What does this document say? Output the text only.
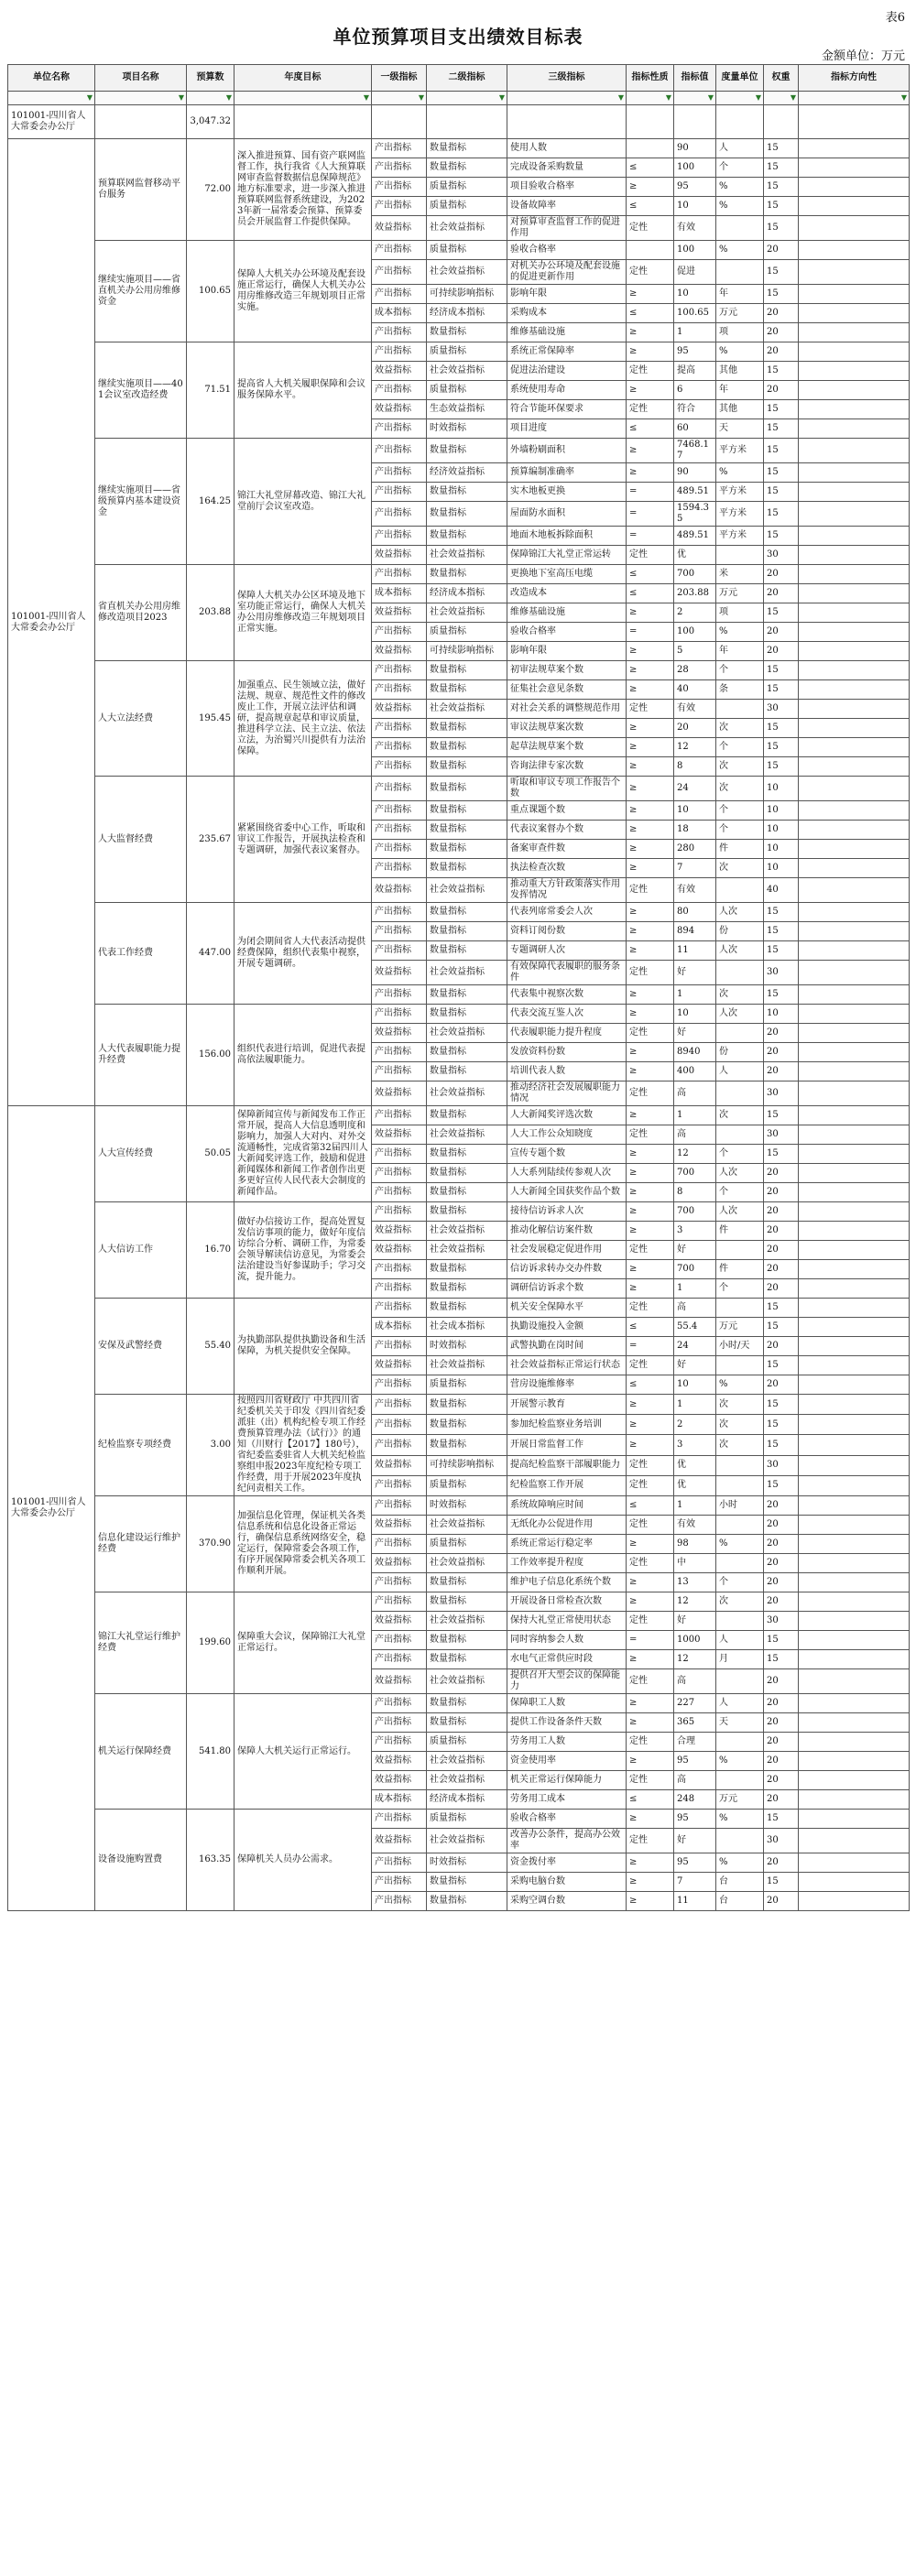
表6
单位预算项目支出绩效目标表
金额单位：万元
单位名称	项目名称	预算数	年度目标	一级指标	二级指标	三级指标	指标性质	指标值	度量单位	权重	指标方向性
▼	▼	▼	▼	▼	▼	▼	▼	▼	▼	▼	▼
101001-四川省人大常委会办公厅		3,047.32									
101001-四川省人大常委会办公厅	预算联网监督移动平台服务	72.00	深入推进预算、国有资产联网监督工作，执行我省《人大预算联网审查监督数据信息保障规范》地方标准要求，进一步深入推进预算联网监督系统建设，为2023年新一届常委会预算、预算委员会开展监督工作提供保障。	产出指标	数量指标	使用人数		90	人	15	
				产出指标	数量指标	完成设备采购数量	≤	100	个	15	
				产出指标	质量指标	项目验收合格率	≥	95	%	15	
				产出指标	质量指标	设备故障率	≤	10	%	15	
				效益指标	社会效益指标	对预算审查监督工作的促进作用	定性	有效		15	
	继续实施项目——省直机关办公用房维修资金	100.65	保障人大机关办公环境及配套设施正常运行，确保人大机关办公用房维修改造三年规划项目正常实施。	产出指标	质量指标	验收合格率		100	%	20	
				产出指标	社会效益指标	对机关办公环境及配套设施的促进更新作用	定性	促进		15	
				产出指标	可持续影响指标	影响年限	≥	10	年	15	
				成本指标	经济成本指标	采购成本	≤	100.65	万元	20	
				产出指标	数量指标	维修基础设施	≥	1	项	20	
	继续实施项目——401会议室改造经费	71.51	提高省人大机关履职保障和会议服务保障水平。	产出指标	质量指标	系统正常保障率	≥	95	%	20	
				效益指标	社会效益指标	促进法治建设	定性	提高	其他	15	
				产出指标	质量指标	系统使用寿命	≥	6	年	20	
				效益指标	生态效益指标	符合节能环保要求	定性	符合	其他	15	
				产出指标	时效指标	项目进度	≤	60	天	15	
	继续实施项目——省级预算内基本建设资金	164.25	锦江大礼堂屏幕改造、锦江大礼堂前厅会议室改造。	产出指标	数量指标	外墙粉刷面积	≥	7468.17	平方米	15	
				产出指标	经济效益指标	预算编制准确率	≥	90	%	15	
				产出指标	数量指标	实木地板更换	=	489.51	平方米	15	
				产出指标	数量指标	屋面防水面积	=	1594.35	平方米	15	
				产出指标	数量指标	地面木地板拆除面积	=	489.51	平方米	15	
				效益指标	社会效益指标	保障锦江大礼堂正常运转	定性	优		30	
	省直机关办公用房维修改造项目2023	203.88	保障人大机关办公区环境及地下室功能正常运行，确保人大机关办公用房维修改造三年规划项目正常实施。	产出指标	数量指标	更换地下室高压电缆	≤	700	米	20	
				成本指标	经济成本指标	改造成本	≤	203.88	万元	20	
				效益指标	社会效益指标	维修基础设施	≥	2	项	15	
				产出指标	质量指标	验收合格率	=	100	%	20	
				效益指标	可持续影响指标	影响年限	≥	5	年	20	
	人大立法经费	195.45	加强重点、民生领域立法，做好法规、规章、规范性文件的修改废止工作，开展立法评估和调研，提高规章起草和审议质量，推进科学立法、民主立法、依法立法，为治蜀兴川提供有力法治保障。	产出指标	数量指标	初审法规草案个数	≥	28	个	15	
				产出指标	数量指标	征集社会意见条数	≥	40	条	15	
				效益指标	社会效益指标	对社会关系的调整规范作用	定性	有效		30	
				产出指标	数量指标	审议法规草案次数	≥	20	次	15	
				产出指标	数量指标	起草法规草案个数	≥	12	个	15	
				产出指标	数量指标	咨询法律专家次数	≥	8	次	15	
	人大监督经费	235.67	紧紧围绕省委中心工作，听取和审议工作报告，开展执法检查和专题调研，加强代表议案督办。	产出指标	数量指标	听取和审议专项工作报告个数	≥	24	次	10	
				产出指标	数量指标	重点课题个数	≥	10	个	10	
				产出指标	数量指标	代表议案督办个数	≥	18	个	10	
				产出指标	数量指标	备案审查件数	≥	280	件	10	
				产出指标	数量指标	执法检查次数	≥	7	次	10	
				效益指标	社会效益指标	推动重大方针政策落实作用发挥情况	定性	有效		40	
	代表工作经费	447.00	为闭会期间省人大代表活动提供经费保障，组织代表集中视察，开展专题调研。	产出指标	数量指标	代表列席常委会人次	≥	80	人次	15	
				产出指标	数量指标	资料订阅份数	≥	894	份	15	
				产出指标	数量指标	专题调研人次	≥	11	人次	15	
				效益指标	社会效益指标	有效保障代表履职的服务条件	定性	好		30	
				产出指标	数量指标	代表集中视察次数	≥	1	次	15	
	人大代表履职能力提升经费	156.00	组织代表进行培训，促进代表提高依法履职能力。	产出指标	数量指标	代表交流互鉴人次	≥	10	人次	10	
				效益指标	社会效益指标	代表履职能力提升程度	定性	好		20	
				产出指标	数量指标	发放资料份数	≥	8940	份	20	
				产出指标	数量指标	培训代表人数	≥	400	人	20	
				效益指标	社会效益指标	推动经济社会发展履职能力情况	定性	高		30	
101001-四川省人大常委会办公厅	人大宣传经费	50.05	保障新闻宣传与新闻发布工作正常开展，提高人大信息透明度和影响力，加强人大对内、对外交流通畅性，完成省第32届四川人大新闻奖评选工作，鼓励和促进新闻媒体和新闻工作者创作出更多更好宣传人民代表大会制度的新闻作品。	产出指标	数量指标	人大新闻奖评选次数	≥	1	次	15	
				效益指标	社会效益指标	人大工作公众知晓度	定性	高		30	
				产出指标	数量指标	宣传专题个数	≥	12	个	15	
				产出指标	数量指标	人大系列陆续传参观人次	≥	700	人次	20	
				产出指标	数量指标	人大新闻全国获奖作品个数	≥	8	个	20	
	人大信访工作	16.70	做好办信接访工作，提高处置复发信访事项的能力，做好年度信访综合分析、调研工作，为常委会领导解读信访意见，为常委会法治建设当好参谋助手；学习交流，提升能力。	产出指标	数量指标	接待信访诉求人次	≥	700	人次	20	
				效益指标	社会效益指标	推动化解信访案件数	≥	3	件	20	
				效益指标	社会效益指标	社会发展稳定促进作用	定性	好		20	
				产出指标	数量指标	信访诉求转办交办件数	≥	700	件	20	
				产出指标	数量指标	调研信访诉求个数	≥	1	个	20	
	安保及武警经费	55.40	为执勤部队提供执勤设备和生活保障，为机关提供安全保障。	产出指标	数量指标	机关安全保障水平	定性	高		15	
				成本指标	社会成本指标	执勤设施投入金额	≤	55.4	万元	15	
				产出指标	时效指标	武警执勤在岗时间	=	24	小时/天	20	
				效益指标	社会效益指标	社会效益指标正常运行状态	定性	好		15	
				产出指标	质量指标	营房设施维修率	≤	10	%	20	
	纪检监察专项经费	3.00	按照四川省财政厅 中共四川省纪委机关关于印发《四川省纪委派驻（出）机构纪检专项工作经费预算管理办法（试行）》的通知（川财行【2017】180号），省纪委监委驻省人大机关纪检监察组申报2023年度纪检专项工作经费，用于开展2023年度执纪问责相关工作。	产出指标	数量指标	开展警示教育	≥	1	次	15	
				产出指标	数量指标	参加纪检监察业务培训	≥	2	次	15	
				产出指标	数量指标	开展日常监督工作	≥	3	次	15	
				效益指标	可持续影响指标	提高纪检监察干部履职能力	定性	优		30	
				产出指标	质量指标	纪检监察工作开展	定性	优		15	
	信息化建设运行维护经费	370.90	加强信息化管理，保证机关各类信息系统和信息化设备正常运行，确保信息系统网络安全，稳定运行，保障常委会各项工作，有序开展保障常委会机关各项工作顺利开展。	产出指标	时效指标	系统故障响应时间	≤	1	小时	20	
				效益指标	社会效益指标	无纸化办公促进作用	定性	有效		20	
				产出指标	质量指标	系统正常运行稳定率	≥	98	%	20	
				效益指标	社会效益指标	工作效率提升程度	定性	中		20	
				产出指标	数量指标	维护电子信息化系统个数	≥	13	个	20	
	锦江大礼堂运行维护经费	199.60	保障重大会议，保障锦江大礼堂正常运行。	产出指标	数量指标	开展设备日常检查次数	≥	12	次	20	
				效益指标	社会效益指标	保持大礼堂正常使用状态	定性	好		30	
				产出指标	数量指标	同时容纳参会人数	=	1000	人	15	
				产出指标	数量指标	水电气正常供应时段	≥	12	月	15	
				效益指标	社会效益指标	提供召开大型会议的保障能力	定性	高		20	
	机关运行保障经费	541.80	保障人大机关运行正常运行。	产出指标	数量指标	保障职工人数	≥	227	人	20	
				产出指标	数量指标	提供工作设备条件天数	≥	365	天	20	
				产出指标	质量指标	劳务用工人数	定性	合理		20	
				效益指标	社会效益指标	资金使用率	≥	95	%	20	
				效益指标	社会效益指标	机关正常运行保障能力	定性	高		20	
				成本指标	经济成本指标	劳务用工成本	≤	248	万元	20	
	设备设施购置费	163.35	保障机关人员办公需求。	产出指标	质量指标	验收合格率	≥	95	%	15	
				效益指标	社会效益指标	改善办公条件，提高办公效率	定性	好		30	
				产出指标	时效指标	资金拨付率	≥	95	%	20	
				产出指标	数量指标	采购电脑台数	≥	7	台	15	
				产出指标	数量指标	采购空调台数	≥	11	台	20	
